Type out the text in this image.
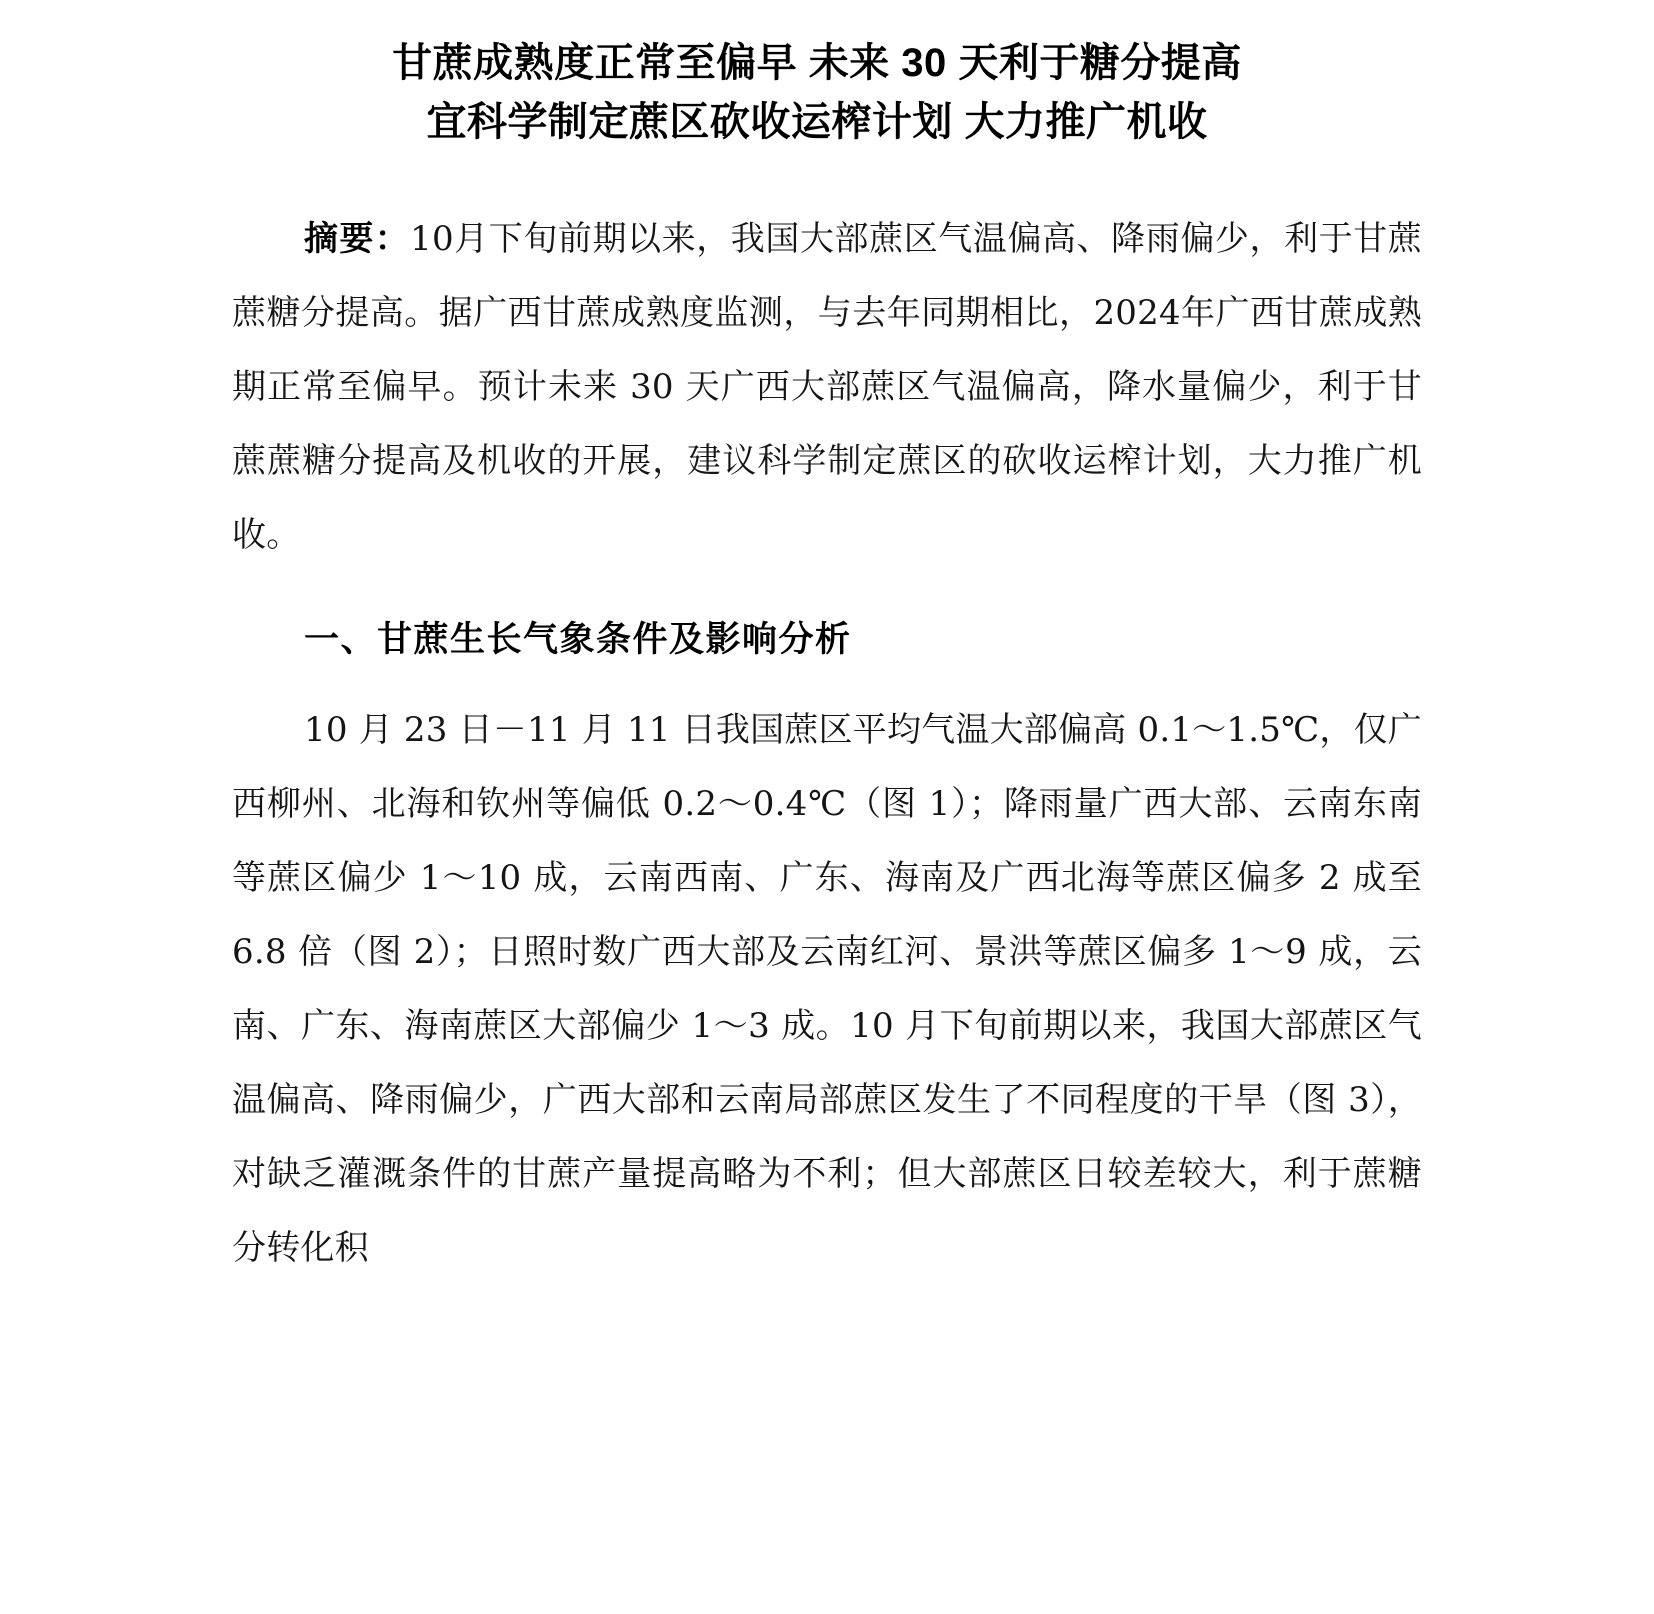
甘蔗成熟度正常至偏早 未来 30 天利于糖分提高
宜科学制定蔗区砍收运榨计划 大力推广机收

摘要：10月下旬前期以来，我国大部蔗区气温偏高、降雨偏少，利于甘蔗蔗糖分提高。据广西甘蔗成熟度监测，与去年同期相比，2024年广西甘蔗成熟期正常至偏早。预计未来 30 天广西大部蔗区气温偏高，降水量偏少，利于甘蔗蔗糖分提高及机收的开展，建议科学制定蔗区的砍收运榨计划，大力推广机收。

一、甘蔗生长气象条件及影响分析

10 月 23 日－11 月 11 日我国蔗区平均气温大部偏高 0.1～1.5℃，仅广西柳州、北海和钦州等偏低 0.2～0.4℃（图 1）；降雨量广西大部、云南东南等蔗区偏少 1～10 成，云南西南、广东、海南及广西北海等蔗区偏多 2 成至 6.8 倍（图 2）；日照时数广西大部及云南红河、景洪等蔗区偏多 1～9 成，云南、广东、海南蔗区大部偏少 1～3 成。10 月下旬前期以来，我国大部蔗区气温偏高、降雨偏少，广西大部和云南局部蔗区发生了不同程度的干旱（图 3），对缺乏灌溉条件的甘蔗产量提高略为不利；但大部蔗区日较差较大，利于蔗糖分转化积
